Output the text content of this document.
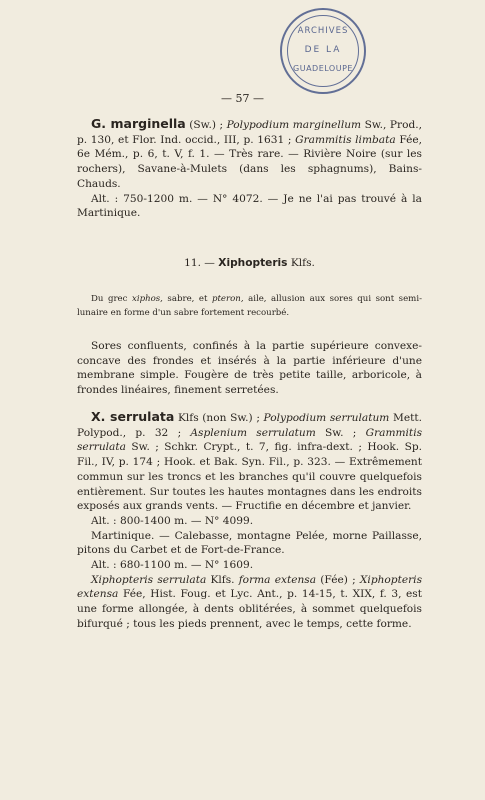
ARCHIVES
DE LA
GUADELOUPE
— 57 —

G. marginella (Sw.) ; Polypodium marginellum Sw., Prod., p. 130, et Flor. Ind. occid., III, p. 1631 ; Grammitis limbata Fée, 6e Mém., p. 6, t. V, f. 1. — Très rare. — Rivière Noire (sur les rochers), Savane-à-Mulets (dans les sphagnums), Bains-Chauds.

Alt. : 750-1200 m. — N° 4072. — Je ne l'ai pas trouvé à la Martinique.

11. — Xiphopteris Klfs.

Du grec xiphos, sabre, et pteron, aile, allusion aux sores qui sont semi-lunaire en forme d'un sabre fortement recourbé.

Sores confluents, confinés à la partie supérieure convexe-concave des frondes et insérés à la partie inférieure d'une membrane simple. Fougère de très petite taille, arboricole, à frondes linéaires, finement serretées.

X. serrulata Klfs (non Sw.) ; Polypodium serrulatum Mett. Polypod., p. 32 ; Asplenium serrulatum Sw. ; Grammitis serrulata Sw. ; Schkr. Crypt., t. 7, fig. infra-dext. ; Hook. Sp. Fil., IV, p. 174 ; Hook. et Bak. Syn. Fil., p. 323. — Extrêmement commun sur les troncs et les branches qu'il couvre quelquefois entièrement. Sur toutes les hautes montagnes dans les endroits exposés aux grands vents. — Fructifie en décembre et janvier.

Alt. : 800-1400 m. — N° 4099.

Martinique. — Calebasse, montagne Pelée, morne Paillasse, pitons du Carbet et de Fort-de-France.

Alt. : 680-1100 m. — N° 1609.

Xiphopteris serrulata Klfs. forma extensa (Fée) ; Xiphopteris extensa Fée, Hist. Foug. et Lyc. Ant., p. 14-15, t. XIX, f. 3, est une forme allongée, à dents oblitérées, à sommet quelquefois bifurqué ; tous les pieds prennent, avec le temps, cette forme.
